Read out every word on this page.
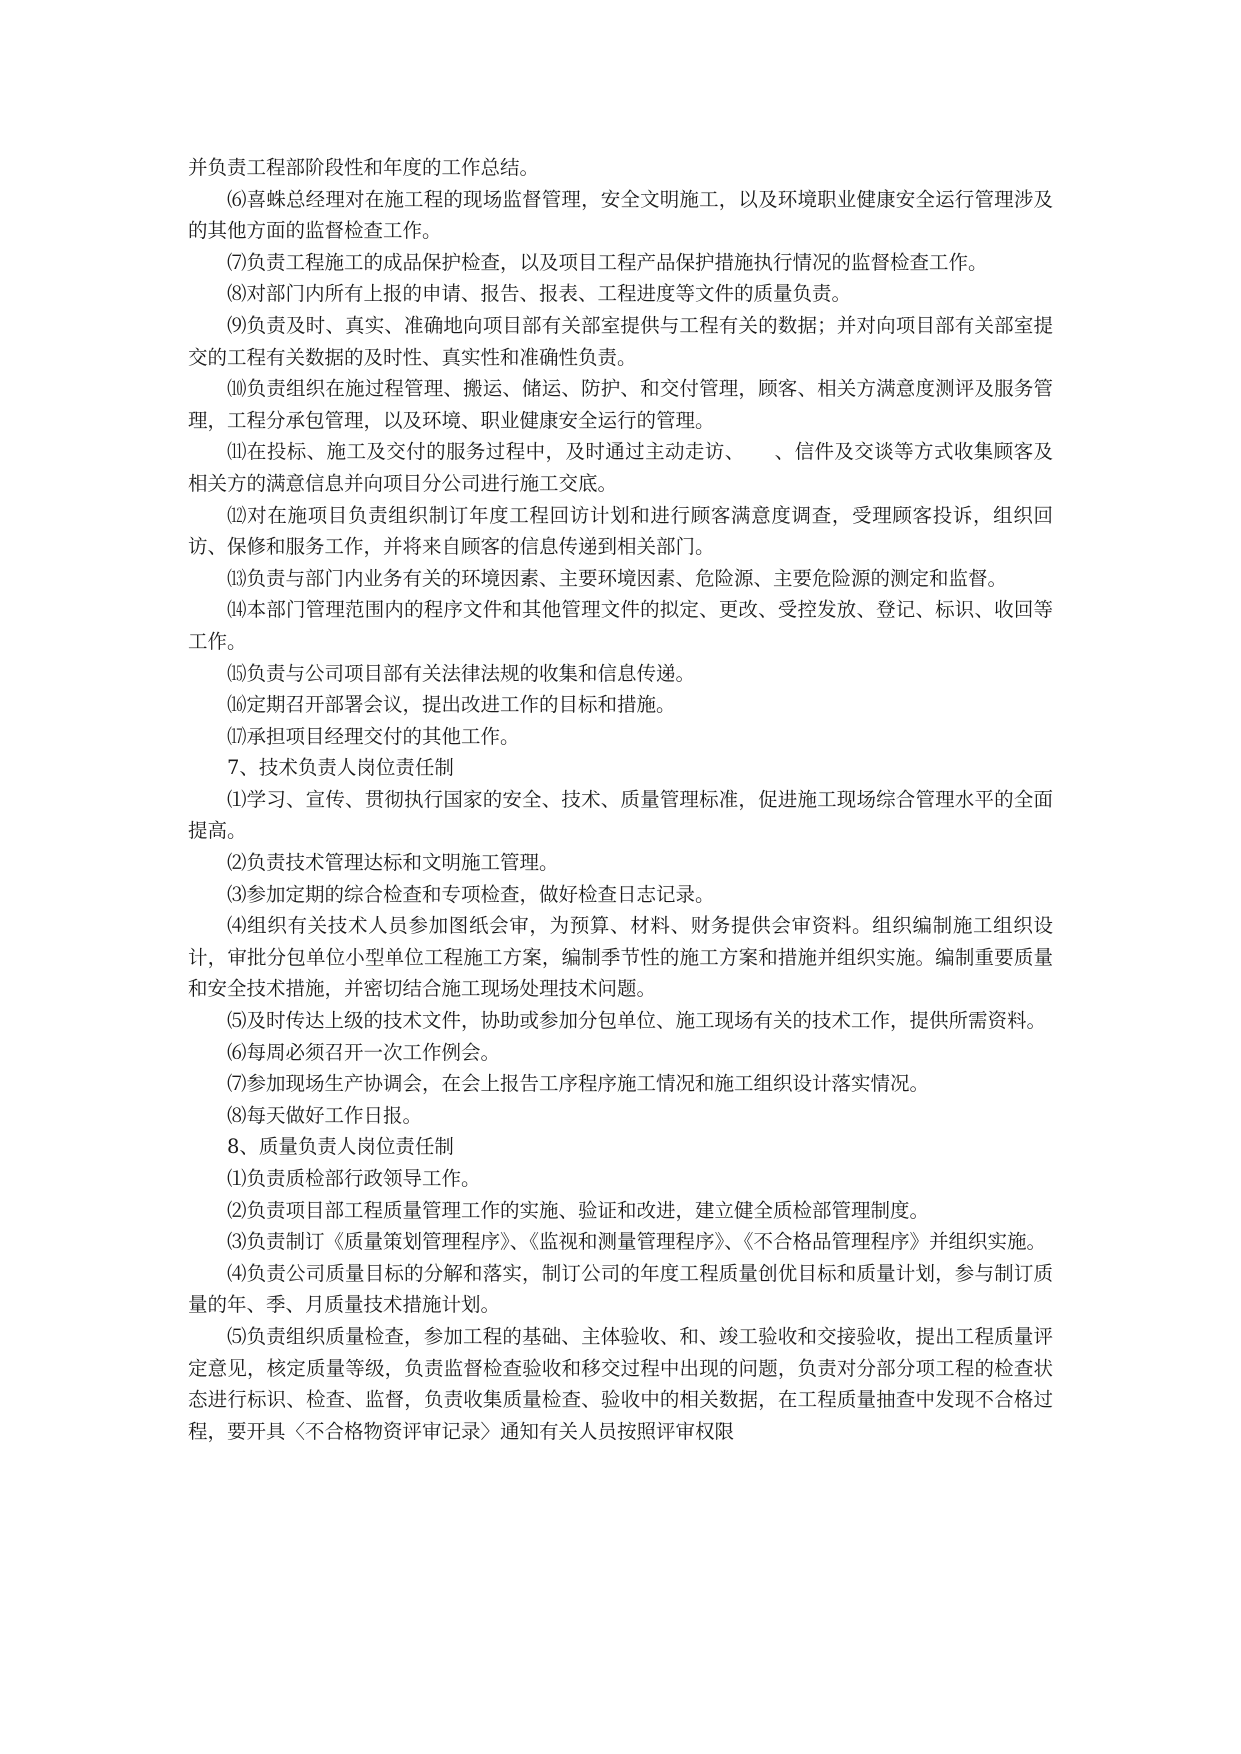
并负责工程部阶段性和年度的工作总结。

⑹喜蛛总经理对在施工程的现场监督管理，安全文明施工，以及环境职业健康安全运行管理涉及的其他方面的监督检查工作。

⑺负责工程施工的成品保护检查，以及项目工程产品保护措施执行情况的监督检查工作。

⑻对部门内所有上报的申请、报告、报表、工程进度等文件的质量负责。

⑼负责及时、真实、准确地向项目部有关部室提供与工程有关的数据；并对向项目部有关部室提交的工程有关数据的及时性、真实性和准确性负责。

⑽负责组织在施过程管理、搬运、储运、防护、和交付管理，顾客、相关方满意度测评及服务管理，工程分承包管理，以及环境、职业健康安全运行的管理。

⑾在投标、施工及交付的服务过程中，及时通过主动走访、　　、信件及交谈等方式收集顾客及相关方的满意信息并向项目分公司进行施工交底。

⑿对在施项目负责组织制订年度工程回访计划和进行顾客满意度调查，受理顾客投诉，组织回访、保修和服务工作，并将来自顾客的信息传递到相关部门。

⒀负责与部门内业务有关的环境因素、主要环境因素、危险源、主要危险源的测定和监督。

⒁本部门管理范围内的程序文件和其他管理文件的拟定、更改、受控发放、登记、标识、收回等工作。

⒂负责与公司项目部有关法律法规的收集和信息传递。

⒃定期召开部署会议，提出改进工作的目标和措施。

⒄承担项目经理交付的其他工作。

7、技术负责人岗位责任制

⑴学习、宣传、贯彻执行国家的安全、技术、质量管理标准，促进施工现场综合管理水平的全面提高。

⑵负责技术管理达标和文明施工管理。

⑶参加定期的综合检查和专项检查，做好检查日志记录。

⑷组织有关技术人员参加图纸会审，为预算、材料、财务提供会审资料。组织编制施工组织设计，审批分包单位小型单位工程施工方案，编制季节性的施工方案和措施并组织实施。编制重要质量和安全技术措施，并密切结合施工现场处理技术问题。

⑸及时传达上级的技术文件，协助或参加分包单位、施工现场有关的技术工作，提供所需资料。

⑹每周必须召开一次工作例会。

⑺参加现场生产协调会，在会上报告工序程序施工情况和施工组织设计落实情况。

⑻每天做好工作日报。

8、质量负责人岗位责任制

⑴负责质检部行政领导工作。

⑵负责项目部工程质量管理工作的实施、验证和改进，建立健全质检部管理制度。

⑶负责制订《质量策划管理程序》、《监视和测量管理程序》、《不合格品管理程序》并组织实施。

⑷负责公司质量目标的分解和落实，制订公司的年度工程质量创优目标和质量计划，参与制订质量的年、季、月质量技术措施计划。

⑸负责组织质量检查，参加工程的基础、主体验收、和、竣工验收和交接验收，提出工程质量评定意见，核定质量等级，负责监督检查验收和移交过程中出现的问题，负责对分部分项工程的检查状态进行标识、检查、监督，负责收集质量检查、验收中的相关数据，在工程质量抽查中发现不合格过程，要开具〈不合格物资评审记录〉通知有关人员按照评审权限
